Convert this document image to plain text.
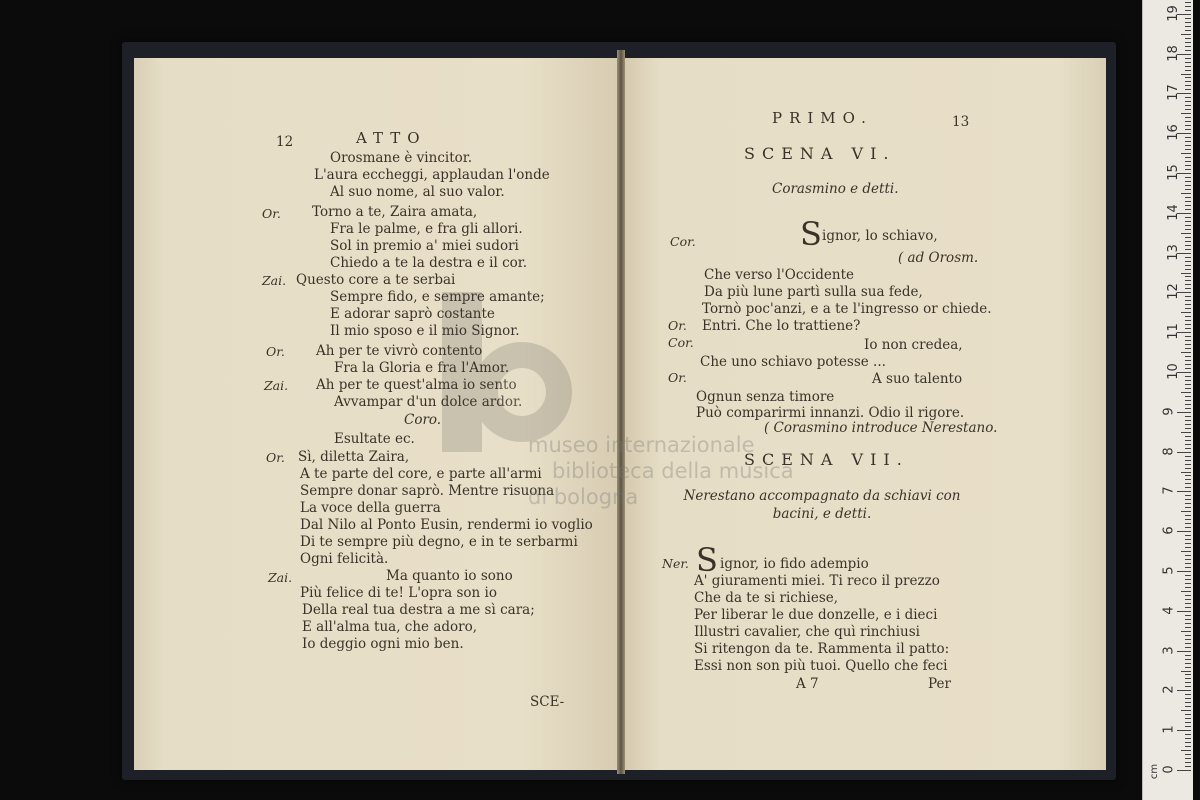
12	ATTO
Orosmane è vincitor.
L'aura eccheggi, applaudan l'onde
Al suo nome, al suo valor.
Or. Torno a te, Zaira amata,
Fra le palme, e fra gli allori.
Sol in premio a' miei sudori
Chiedo a te la destra e il cor.
Zai. Questo core a te serbai
Sempre fido, e sempre amante;
E adorar saprò costante
Il mio sposo e il mio Signor.
Or. Ah per te vivrò contento
Fra la Gloria e fra l'Amor.
Zai. Ah per te quest'alma io sento
Avvampar d'un dolce ardor.
Coro.
Esultate ec.
Or. Sì, diletta Zaira,
A te parte del core, e parte all'armi
Sempre donar saprò. Mentre risuona
La voce della guerra
Dal Nilo al Ponto Eusin, rendermi io voglio
Di te sempre più degno, e in te serbarmi
Ogni felicità.
Zai.	Ma quanto io sono
Più felice di te! L'opra son io
Della real tua destra a me sì cara;
E all'alma tua, che adoro,
Io deggio ogni mio ben.
SCE-
PRIMO.	13
SCENA VI.
Corasmino e detti.
Cor.	S ignor, lo schiavo,
( ad Orosm.
Che verso l'Occidente
Da più lune partì sulla sua fede,
Tornò poc'anzi, e a te l'ingresso or chiede.
Or. Entri. Che lo trattiene?
Cor.	Io non credea,
Che uno schiavo potesse ...
Or.	A suo talento
Ognun senza timore
Può comparirmi innanzi. Odio il rigore.
( Corasmino introduce Nerestano.
SCENA VII.
Nerestano accompagnato da schiavi con bacini, e detti.
Ner. S ignor, io fido adempio
A' giuramenti miei. Ti reco il prezzo
Che da te si richiese,
Per liberar le due donzelle, e i dieci
Illustri cavalier, che quì rinchiusi
Si ritengon da te. Rammenta il patto:
Essi non son più tuoi. Quello che feci
A 7	Per
museo internazionale
biblioteca della musica
di bologna
cm 0
1
2
3
4
5
6
7
8
9
10
11
12
13
14
15
16
17
18
19
